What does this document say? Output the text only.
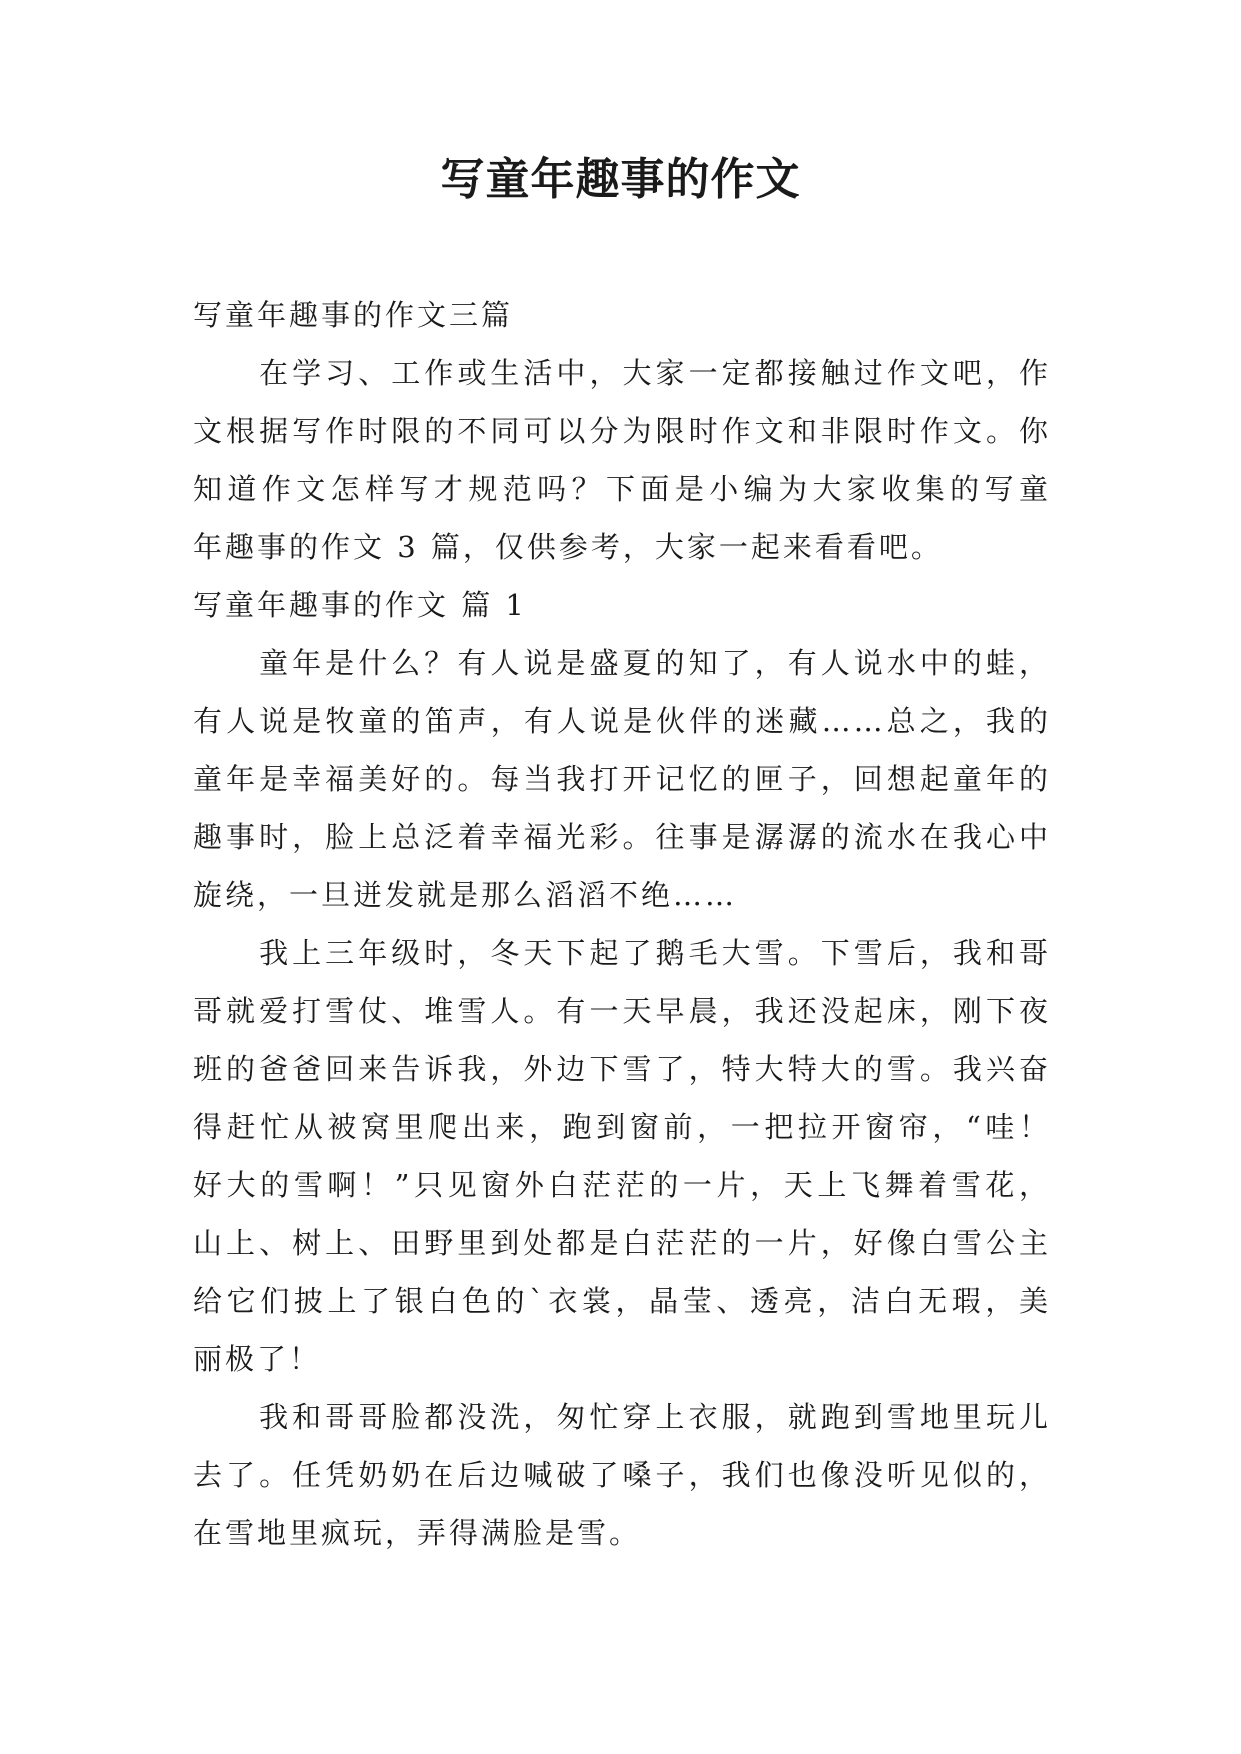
写童年趣事的作文
写童年趣事的作文三篇
　　在学习、工作或生活中，大家一定都接触过作文吧，作
文根据写作时限的不同可以分为限时作文和非限时作文。你
知道作文怎样写才规范吗？下面是小编为大家收集的写童
年趣事的作文 3 篇，仅供参考，大家一起来看看吧。
写童年趣事的作文 篇 1
　　童年是什么？有人说是盛夏的知了，有人说水中的蛙，
有人说是牧童的笛声，有人说是伙伴的迷藏……总之，我的
童年是幸福美好的。每当我打开记忆的匣子，回想起童年的
趣事时，脸上总泛着幸福光彩。往事是潺潺的流水在我心中
旋绕，一旦迸发就是那么滔滔不绝……
　　我上三年级时，冬天下起了鹅毛大雪。下雪后，我和哥
哥就爱打雪仗、堆雪人。有一天早晨，我还没起床，刚下夜
班的爸爸回来告诉我，外边下雪了，特大特大的雪。我兴奋
得赶忙从被窝里爬出来，跑到窗前，一把拉开窗帘，“哇！
好大的雪啊！”只见窗外白茫茫的一片，天上飞舞着雪花，
山上、树上、田野里到处都是白茫茫的一片，好像白雪公主
给它们披上了银白色的`衣裳，晶莹、透亮，洁白无瑕，美
丽极了！
　　我和哥哥脸都没洗，匆忙穿上衣服，就跑到雪地里玩儿
去了。任凭奶奶在后边喊破了嗓子，我们也像没听见似的，
在雪地里疯玩，弄得满脸是雪。
